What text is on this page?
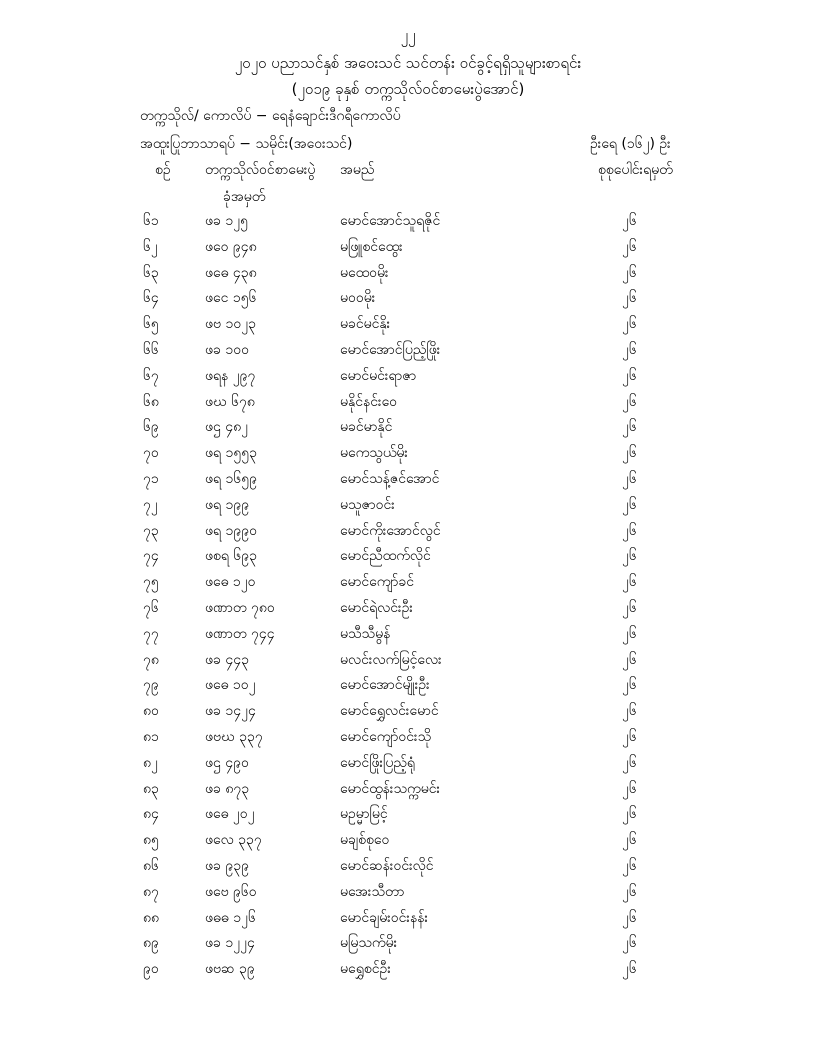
၂၂
၂၀၂၀ ပညာသင်နှစ် အဝေးသင် သင်တန်း ဝင်ခွင့်ရရှိသူများစာရင်း
(၂၀၁၉ ခုနှစ် တက္ကသိုလ်ဝင်စာမေးပွဲအောင်)
တက္ကသိုလ်/ ကောလိပ် − ရေနံချောင်းဒီဂရီကောလိပ်
အထူးပြုဘာသာရပ် − သမိုင်း(အဝေးသင်)	ဦးရေ (၁၆၂) ဦး
စဉ် တက္ကသိုလ်ဝင်စာမေးပွဲ
ခုံအမှတ်
အမည်	စုစုပေါင်းရမှတ်
၆၁	ဖခ ၁၂၅	မောင်အောင်သူရဇိုင်	၂၆
၆၂	ဖဝေ ၉၄၈	မဖြူစင်ထွေး	၂၆
၆၃	ဖဓေ ၄၃၈	မထေဝမိုး	၂၆
၆၄	ဖငေ ၁၅၆	မဝဝမိုး	၂၆
၆၅	ဖဗ ၁၀၂၃	မခင်မင်နိုး	၂၆
၆၆	ဖခ ၁၀၀	မောင်အောင်ပြည့်ဖြိုး	၂၆
၆၇	ဖရန ၂၉၇	မောင်မင်းရာဇာ	၂၆
၆၈	ဖဃ ၆၇၈	မနိုင်နင်းဝေ	၂၆
၆၉	ဖဌ ၄၈၂	မခင်မာနိုင်	၂၆
၇၀	ဖရ ၁၅၅၃	မကေသွယ်မိုး	၂၆
၇၁	ဖရ ၁၆၅၉	မောင်သန့်ဇင်အောင်	၂၆
၇၂	ဖရ ၁၉၉	မသူဇာဝင်း	၂၆
၇၃	ဖရ ၁၉၉၀	မောင်ကိုးအောင်လွင်	၂၆
၇၄	ဖစရ ၆၉၃	မောင်ညီထက်လိုင်	၂၆
၇၅	ဖဓေ ၁၂၀	မောင်ကျော်ခင်	၂၆
၇၆	ဖဏာတ ၇၈၀	မောင်ရဲလင်းဦး	၂၆
၇၇	ဖဏာတ ၇၄၄	မသီသီမွန်	၂၆
၇၈	ဖခ ၄၄၃	မလင်းလက်မြင့်လေး	၂၆
၇၉	ဖဓေ ၁၀၂	မောင်အောင်မျိုးဦး	၂၆
၈၀	ဖခ ၁၄၂၄	မောင်ရွှေလင်းမောင်	၂၆
၈၁	ဖဗဃ ၃၃၇	မောင်ကျော်ဝင်းသို	၂၆
၈၂	ဖဌ ၄၉၀	မောင်ဖြိုးပြည့်ရုံ	၂၆
၈၃	ဖခ ၈၇၃	မောင်ထွန်းသက္ကမင်း	၂၆
၈၄	ဖဓေ ၂၀၂	မဥမ္မာမြင့်	၂၆
၈၅	ဖလေ ၃၃၇	မချစ်စုဝေ	၂၆
၈၆	ဖခ ၉၃၉	မောင်ဆန်းဝင်းလိုင်	၂၆
၈၇	ဖဗေ ၉၆၀	မအေးသီတာ	၂၆
၈၈	ဖဓဓ ၁၂၆	မောင်ချမ်းဝင်းနန်း	၂၆
၈၉	ဖခ ၁၂၂၄	မမြသက်မိုး	၂၆
၉၀	ဖဗဆ ၃၉	မရွှေစင်ဦး	၂၆
